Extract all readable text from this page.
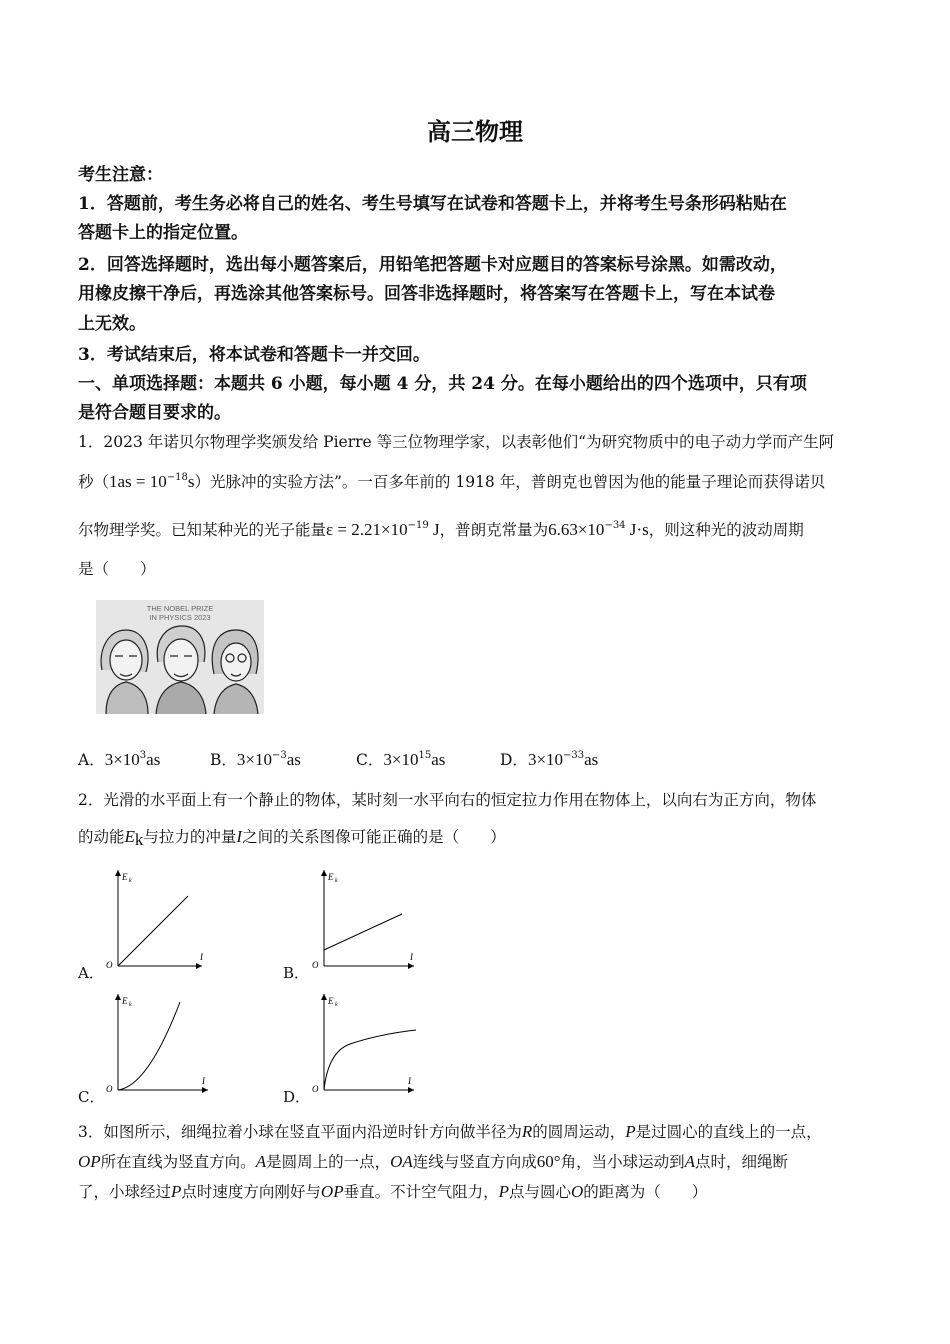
高三物理
考生注意：
1．答题前，考生务必将自己的姓名、考生号填写在试卷和答题卡上，并将考生号条形码粘贴在
答题卡上的指定位置。
2．回答选择题时，选出每小题答案后，用铅笔把答题卡对应题目的答案标号涂黑。如需改动，
用橡皮擦干净后，再选涂其他答案标号。回答非选择题时，将答案写在答题卡上，写在本试卷
上无效。
3．考试结束后，将本试卷和答题卡一并交回。
一、单项选择题：本题共 6 小题，每小题 4 分，共 24 分。在每小题给出的四个选项中，只有项
是符合题目要求的。
1．2023 年诺贝尔物理学奖颁发给 Pierre 等三位物理学家，以表彰他们“为研究物质中的电子动力学而产生阿
秒$(1as = 10^{-18}s)$光脉冲的实验方法”。一百多年前的 1918 年，普朗克也曾因为他的能量子理论而获得诺贝
尔物理学奖。已知某种光的光子能量$\varepsilon = 2.21\times 10^{-19}$ J，普朗克常量为$6.63\times 10^{-34}$ J·s，则这种光的波动周期
是（　　）
THE NOBEL PRIZE
IN PHYSICS 2023
A．$3\times 10^3as$	B．$3\times 10^{-3}as$	C．$3\times 10^{15}as$	D．$3\times 10^{-33}as$
2．光滑的水平面上有一个静止的物体，某时刻一水平向右的恒定拉力作用在物体上，以向右为正方向，物体
的动能$E_k$与拉力的冲量I之间的关系图像可能正确的是（　　）
A．
E k
O
I
B．
E k
O
I
C．
E k
O
I
D．
E k
O
I
3．如图所示，细绳拉着小球在竖直平面内沿逆时针方向做半径为R的圆周运动，P是过圆心的直线上的一点，
OP所在直线为竖直方向。A是圆周上的一点，OA连线与竖直方向成60°角，当小球运动到A点时，细绳断
了，小球经过P点时速度方向刚好与OP垂直。不计空气阻力，P点与圆心O的距离为（　　）
